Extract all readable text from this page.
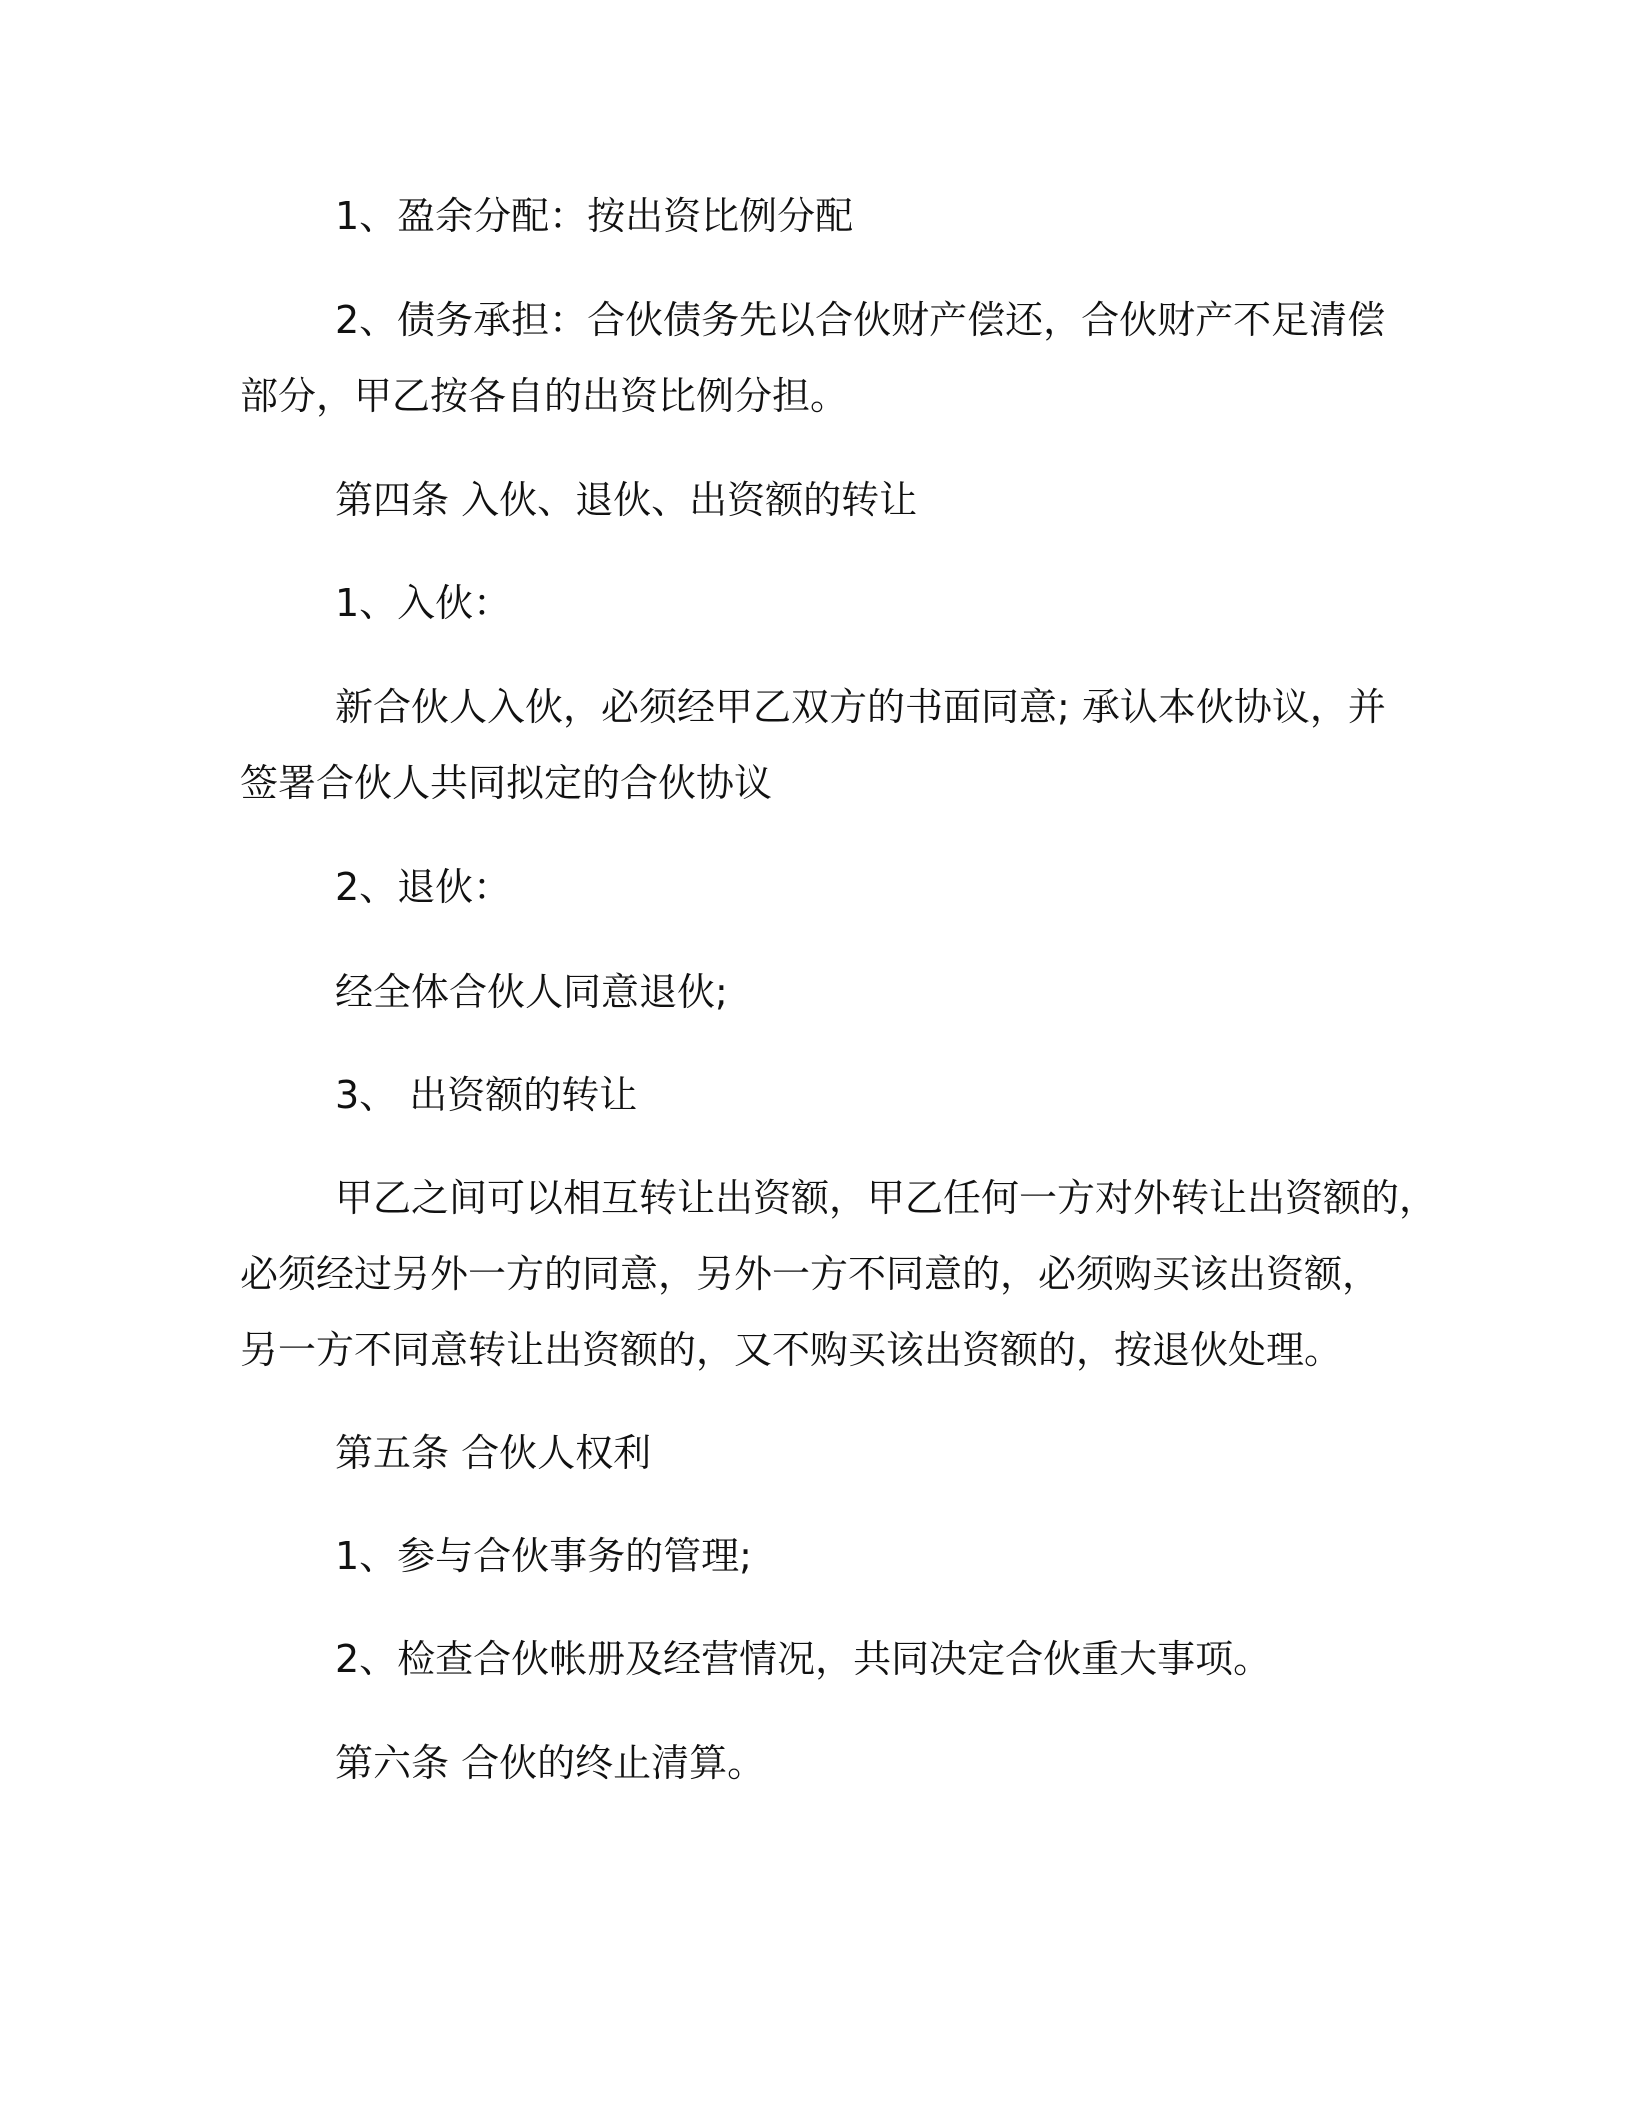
1、盈余分配：按出资比例分配
2、债务承担：合伙债务先以合伙财产偿还，合伙财产不足清偿
部分，甲乙按各自的出资比例分担。
第四条 入伙、退伙、出资额的转让
1、入伙：
新合伙人入伙，必须经甲乙双方的书面同意; 承认本伙协议，并
签署合伙人共同拟定的合伙协议
2、退伙：
经全体合伙人同意退伙;
3、 出资额的转让
甲乙之间可以相互转让出资额，甲乙任何一方对外转让出资额的，
必须经过另外一方的同意，另外一方不同意的，必须购买该出资额，
另一方不同意转让出资额的，又不购买该出资额的，按退伙处理。
第五条 合伙人权利
1、参与合伙事务的管理;
2、检查合伙帐册及经营情况，共同决定合伙重大事项。
第六条 合伙的终止清算。
